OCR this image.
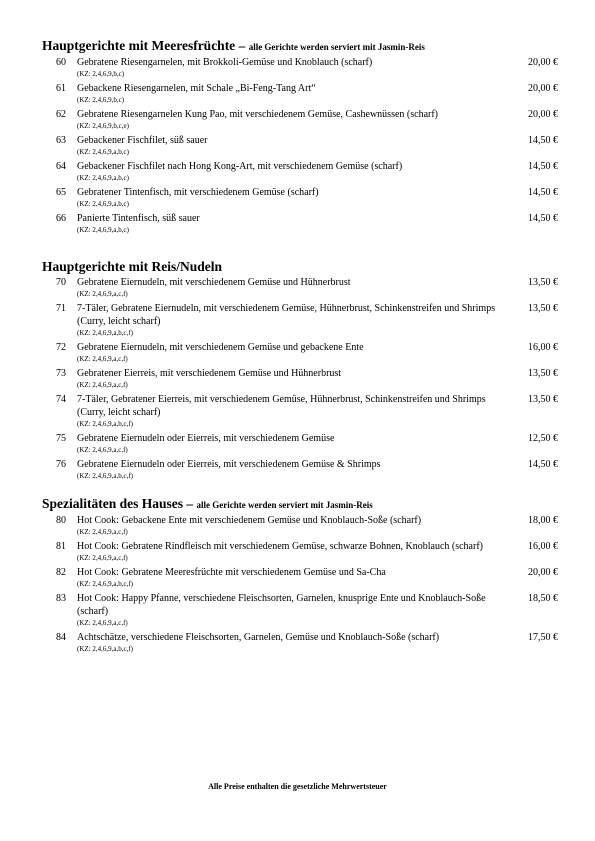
Hauptgerichte mit Meeresfrüchte – alle Gerichte werden serviert mit Jasmin-Reis
60 Gebratene Riesengarnelen, mit Brokkoli-Gemüse und Knoblauch (scharf)
(KZ: 2,4,6,9,b,c)
20,00 €
61 Gebackene Riesengarnelen, mit Schale „Bi-Feng-Tang Art“
(KZ: 2,4,6,9,b,c)
20,00 €
62 Gebratene Riesengarnelen Kung Pao, mit verschiedenem Gemüse, Cashewnüssen (scharf)
(KZ: 2,4,6,9,b,c,e)
20,00 €
63 Gebackener Fischfilet, süß sauer
(KZ: 2,4,6,9,a,b,c)
14,50 €
64 Gebackener Fischfilet nach Hong Kong-Art, mit verschiedenem Gemüse (scharf)
(KZ: 2,4,6,9,a,b,c)
14,50 €
65 Gebratener Tintenfisch, mit verschiedenem Gemüse (scharf)
(KZ: 2,4,6,9,a,b,c)
14,50 €
66 Panierte Tintenfisch, süß sauer
(KZ: 2,4,6,9,a,b,c)
14,50 €
Hauptgerichte mit Reis/Nudeln
70 Gebratene Eiernudeln, mit verschiedenem Gemüse und Hühnerbrust
(KZ: 2,4,6,9,a,c,f)
13,50 €
71 7-Täler, Gebratene Eiernudeln, mit verschiedenem Gemüse, Hühnerbrust, Schinkenstreifen und Shrimps (Curry, leicht scharf)
(KZ: 2,4,6,9,a,b,c,f)
13,50 €
72 Gebratene Eiernudeln, mit verschiedenem Gemüse und gebackene Ente
(KZ: 2,4,6,9,a,c,f)
16,00 €
73 Gebratener Eierreis, mit verschiedenem Gemüse und Hühnerbrust
(KZ: 2,4,6,9,a,c,f)
13,50 €
74 7-Täler, Gebratener Eierreis, mit verschiedenem Gemüse, Hühnerbrust, Schinkenstreifen und Shrimps (Curry, leicht scharf)
(KZ: 2,4,6,9,a,b,c,f)
13,50 €
75 Gebratene Eiernudeln oder Eierreis, mit verschiedenem Gemüse
(KZ: 2,4,6,9,a,c,f)
12,50 €
76 Gebratene Eiernudeln oder Eierreis, mit verschiedenem Gemüse & Shrimps
(KZ: 2,4,6,9,a,b,c,f)
14,50 €
Spezialitäten des Hauses – alle Gerichte werden serviert mit Jasmin-Reis
80 Hot Cook: Gebackene Ente mit verschiedenem Gemüse und Knoblauch-Soße (scharf)
(KZ: 2,4,6,9,a,c,f)
18,00 €
81 Hot Cook: Gebratene Rindfleisch mit verschiedenem Gemüse, schwarze Bohnen, Knoblauch (scharf)
(KZ: 2,4,6,9,a,c,f)
16,00 €
82 Hot Cook: Gebratene Meeresfrüchte mit verschiedenem Gemüse und Sa-Cha
(KZ: 2,4,6,9,a,b,c,f)
20,00 €
83 Hot Cook: Happy Pfanne, verschiedene Fleischsorten, Garnelen, knusprige Ente und Knoblauch-Soße (scharf)
(KZ: 2,4,6,9,a,c,f)
18,50 €
84 Achtschätze, verschiedene Fleischsorten, Garnelen, Gemüse und Knoblauch-Soße (scharf)
(KZ: 2,4,6,9,a,b,c,f)
17,50 €
Alle Preise enthalten die gesetzliche Mehrwertsteuer
